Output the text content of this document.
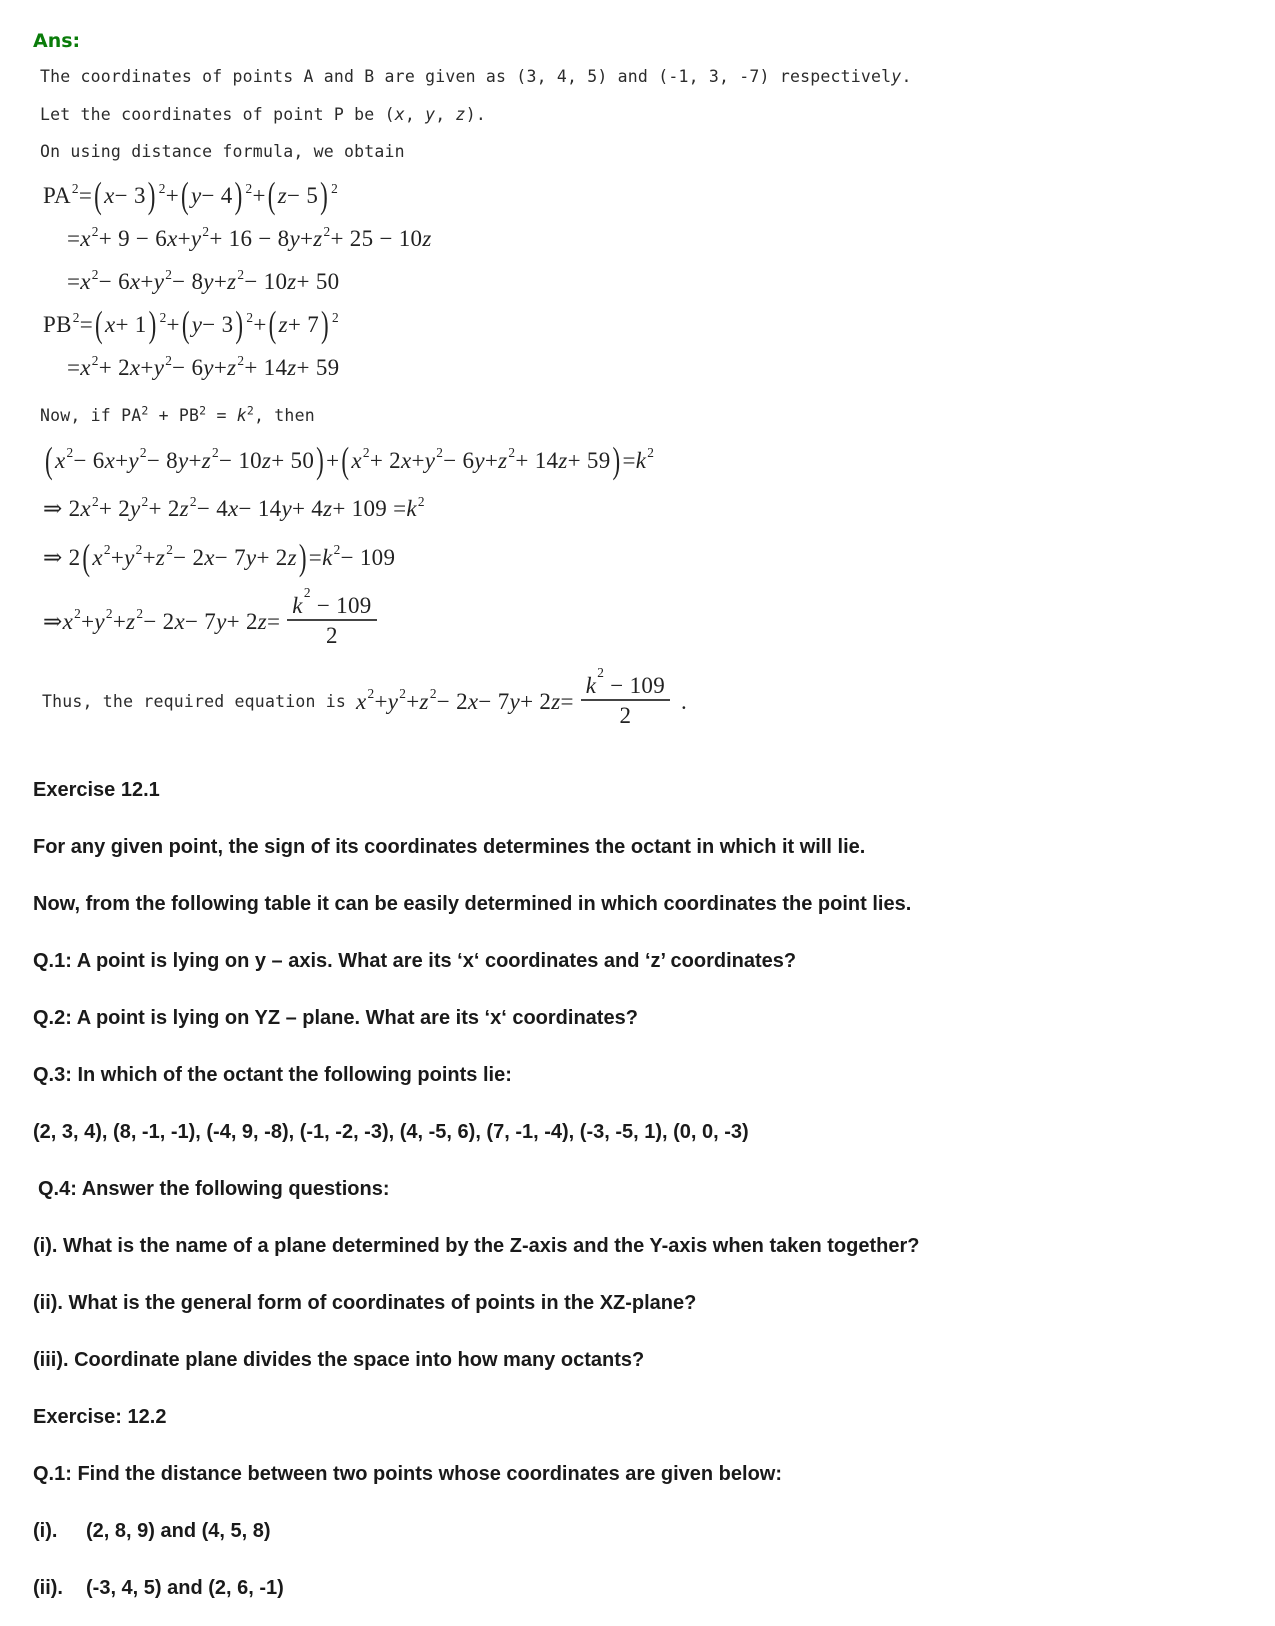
Ans:
The coordinates of points A and B are given as (3, 4, 5) and (-1, 3, -7) respectively.
Let the coordinates of point P be (x, y, z).
On using distance formula, we obtain
$PA^2$ = ( x − 3 )$^2$ + ( y − 4 )$^2$ + ( z − 5 )$^2$
= $x^2 + 9 - 6$ $x + y^2 + 16 - 8$ $y + z^2 + 25 - 10$ z
= $x^2 - 6$ $x + y^2 - 8$ $y + z^2 - 10$ z + 50
$PB^2$ = ( x + 1 )$^2$ + ( y − 3 )$^2$ + ( z + 7 )$^2$
= $x^2 + 2$ $x + y^2 - 6$ $y + z^2 + 14$ z + 59
Now, if $PA^2 + PB^2 = k^2$, then
( $x^2 - 6$ $x + y^2 - 8$ $y + z^2 - 10$ z + 50 ) + ( $x^2 + 2$ $x + y^2 - 6$ $y + z^2 + 14$ z + 59 ) = $k^2$
⇒ 2 $x^2 + 2$ $y^2 + 2$ $z^2 - 4$ x − 14 y + 4 $z + 109 = k^2$
⇒ 2 ( $x^2 + y^2 + z^2 - 2$ x − 7 y + 2 z ) = $k^2 - 109$
⇒ $x^2 + y^2 + z^2 - 2$ x − 7 y + 2 $z = \frac{k^2 - 109}{2}$
Thus, the required equation is $x^2 + y^2 + z^2 - 2$ x − 7 y + 2 $z = \frac{k^2 - 109}{2}$ .
Exercise 12.1
For any given point, the sign of its coordinates determines the octant in which it will lie.
Now, from the following table it can be easily determined in which coordinates the point lies.
Q.1: A point is lying on y – axis. What are its ‘x‘ coordinates and ‘z’ coordinates?
Q.2: A point is lying on YZ – plane. What are its ‘x‘ coordinates?
Q.3: In which of the octant the following points lie:
(2, 3, 4), (8, -1, -1), (-4, 9, -8), (-1, -2, -3), (4, -5, 6), (7, -1, -4), (-3, -5, 1), (0, 0, -3)
Q.4: Answer the following questions:
(i). What is the name of a plane determined by the Z-axis and the Y-axis when taken together?
(ii). What is the general form of coordinates of points in the XZ-plane?
(iii). Coordinate plane divides the space into how many octants?
Exercise: 12.2
Q.1: Find the distance between two points whose coordinates are given below:
(i). (2, 8, 9) and (4, 5, 8)
(ii). (-3, 4, 5) and (2, 6, -1)
